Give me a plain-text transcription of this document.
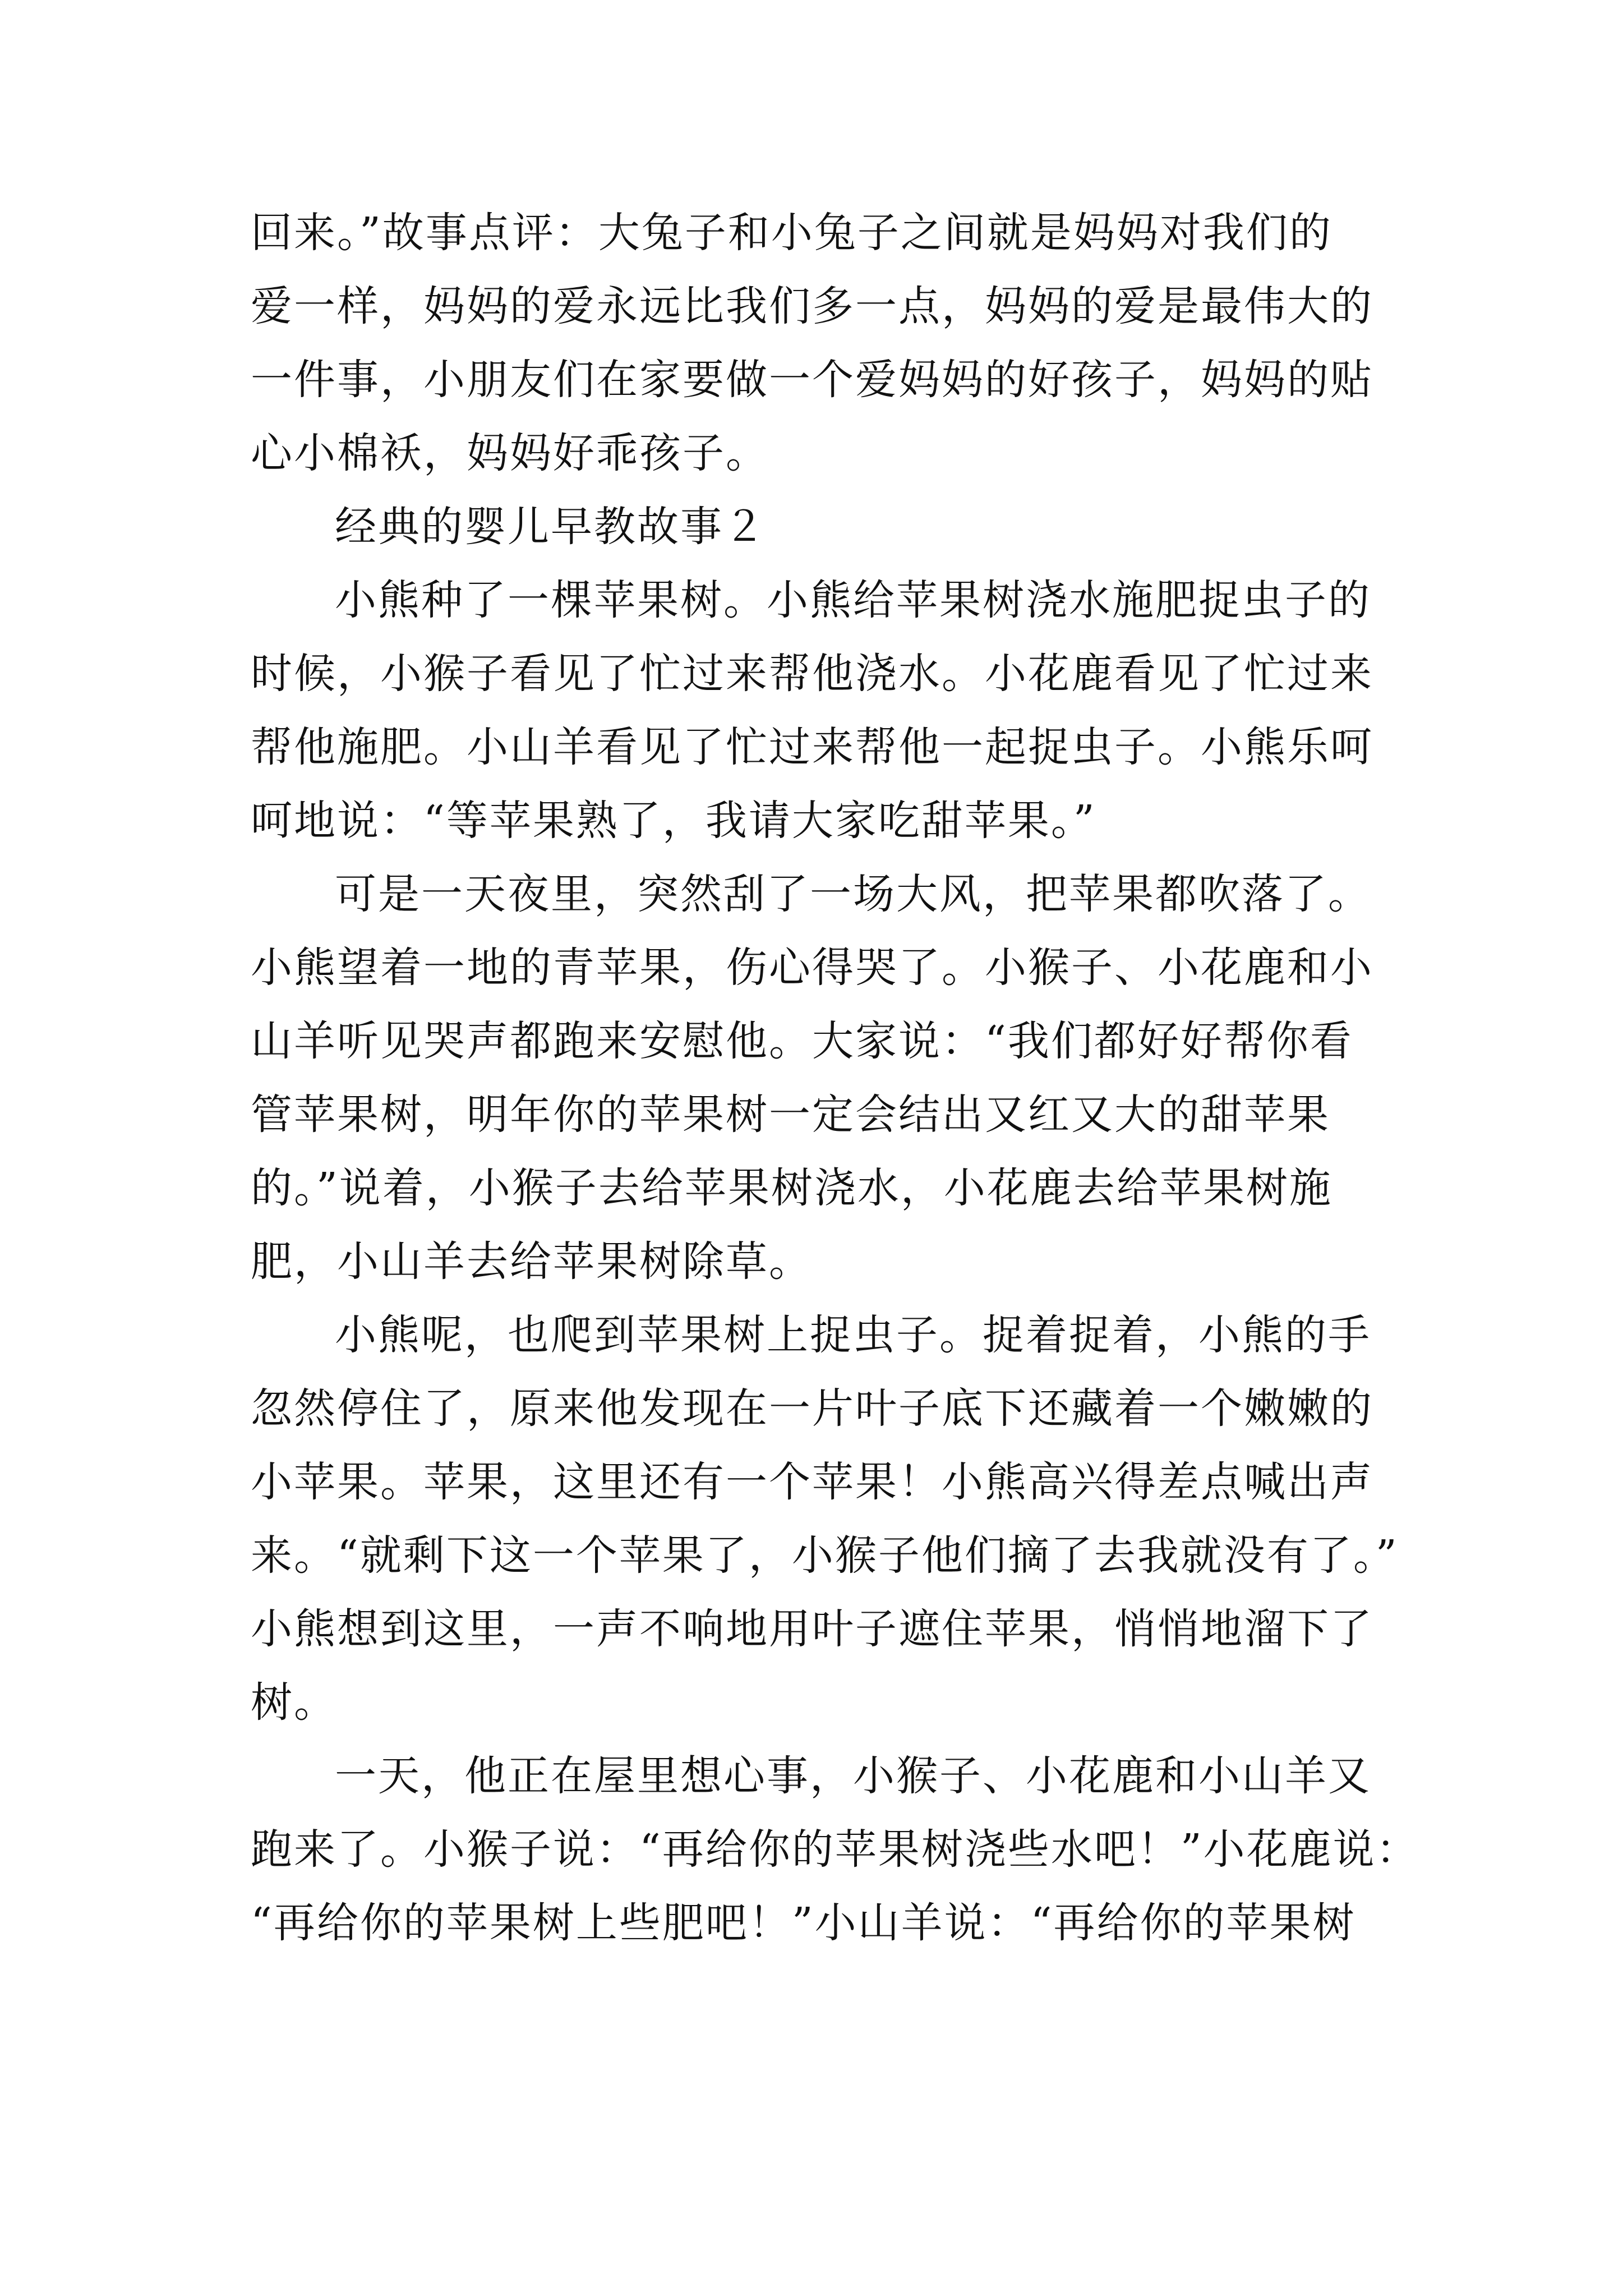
回来。”故事点评：大兔子和小兔子之间就是妈妈对我们的
爱一样，妈妈的爱永远比我们多一点，妈妈的爱是最伟大的
一件事，小朋友们在家要做一个爱妈妈的好孩子，妈妈的贴
心小棉袄，妈妈好乖孩子。
经典的婴儿早教故事２
小熊种了一棵苹果树。小熊给苹果树浇水施肥捉虫子的
时候，小猴子看见了忙过来帮他浇水。小花鹿看见了忙过来
帮他施肥。小山羊看见了忙过来帮他一起捉虫子。小熊乐呵
呵地说：“等苹果熟了，我请大家吃甜苹果。”
可是一天夜里，突然刮了一场大风，把苹果都吹落了。
小熊望着一地的青苹果，伤心得哭了。小猴子、小花鹿和小
山羊听见哭声都跑来安慰他。大家说：“我们都好好帮你看
管苹果树，明年你的苹果树一定会结出又红又大的甜苹果
的。”说着，小猴子去给苹果树浇水，小花鹿去给苹果树施
肥，小山羊去给苹果树除草。
小熊呢，也爬到苹果树上捉虫子。捉着捉着，小熊的手
忽然停住了，原来他发现在一片叶子底下还藏着一个嫩嫩的
小苹果。苹果，这里还有一个苹果！小熊高兴得差点喊出声
来。“就剩下这一个苹果了，小猴子他们摘了去我就没有了。”
小熊想到这里，一声不响地用叶子遮住苹果，悄悄地溜下了
树。
一天，他正在屋里想心事，小猴子、小花鹿和小山羊又
跑来了。小猴子说：“再给你的苹果树浇些水吧！”小花鹿说：
“再给你的苹果树上些肥吧！”小山羊说：“再给你的苹果树
